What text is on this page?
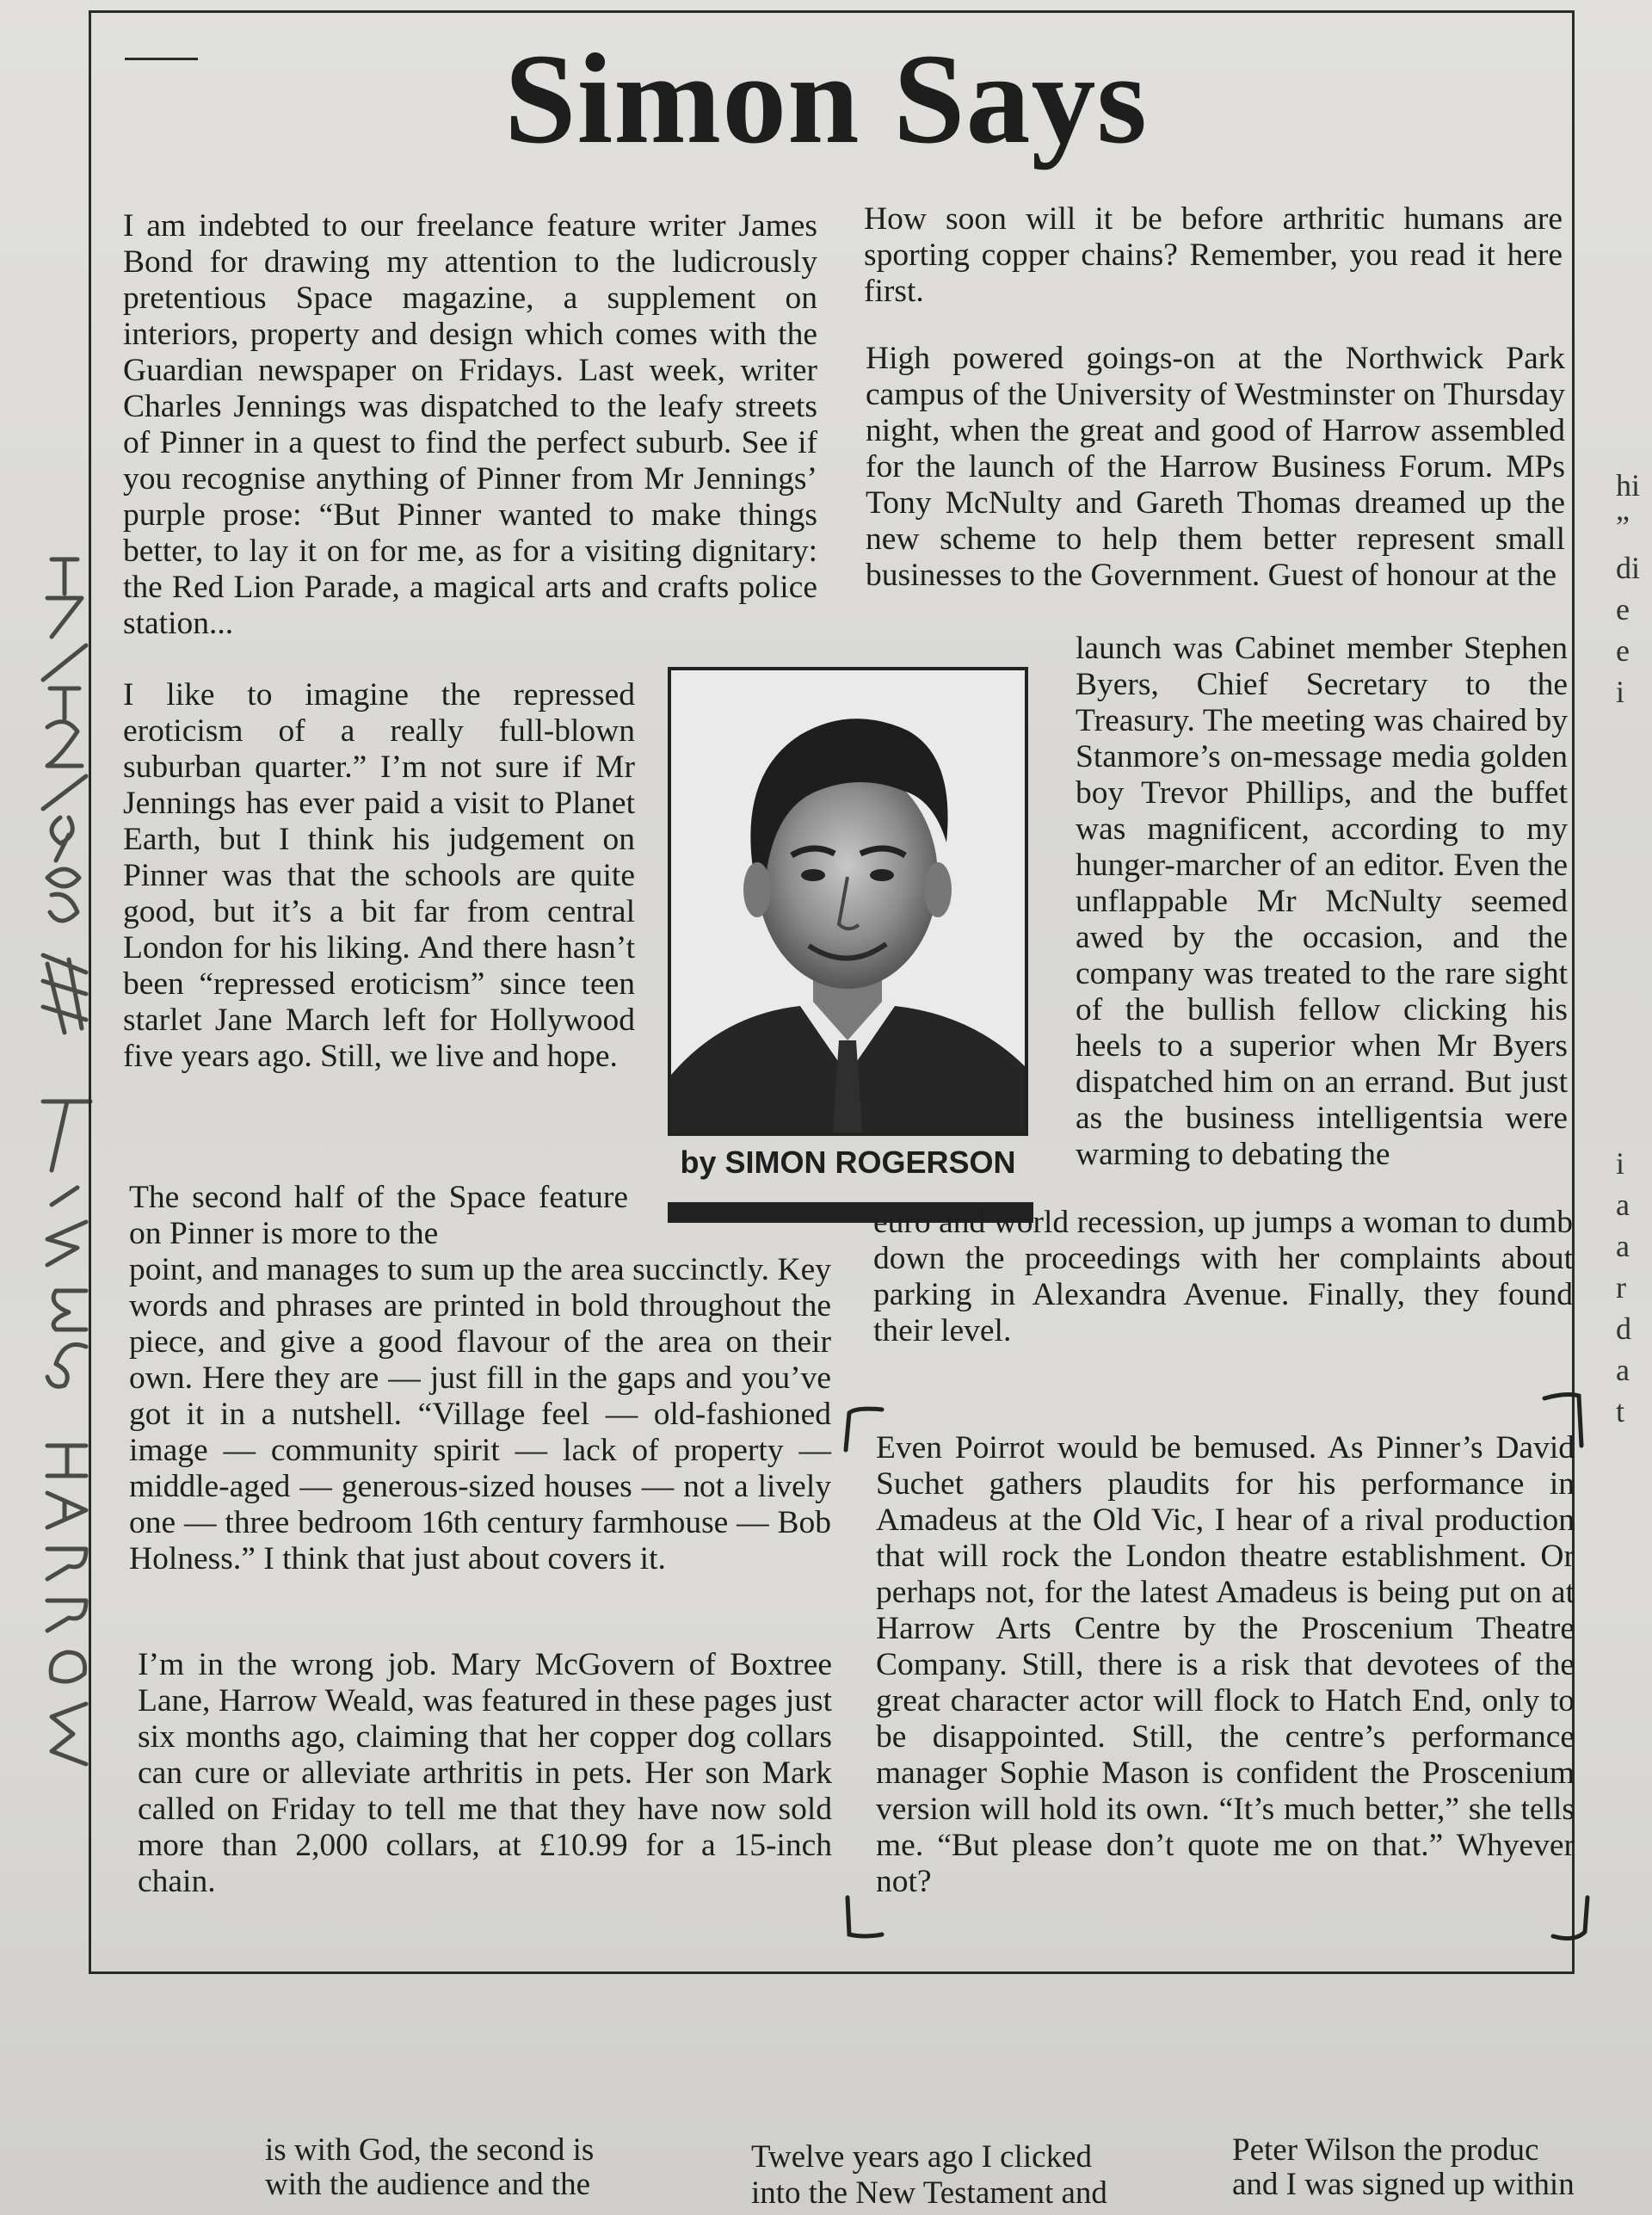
Simon Says

I am indebted to our freelance feature writer James Bond for drawing my attention to the ludicrously pretentious Space magazine, a supplement on interiors, property and design which comes with the Guardian newspaper on Fridays. Last week, writer Charles Jennings was dispatched to the leafy streets of Pinner in a quest to find the perfect suburb. See if you recognise anything of Pinner from Mr Jennings’ purple prose: “But Pinner wanted to make things better, to lay it on for me, as for a visiting dignitary: the Red Lion Parade, a magical arts and crafts police station...

I like to imagine the repressed eroticism of a really full-blown suburban quarter.” I’m not sure if Mr Jennings has ever paid a visit to Planet Earth, but I think his judgement on Pinner was that the schools are quite good, but it’s a bit far from central London for his liking. And there hasn’t been “repressed eroticism” since teen starlet Jane March left for Hollywood five years ago. Still, we live and hope.

The second half of the Space feature on Pinner is more to the

point, and manages to sum up the area succinctly. Key words and phrases are printed in bold throughout the piece, and give a good flavour of the area on their own. Here they are — just fill in the gaps and you’ve got it in a nutshell. “Village feel — old-fashioned image — community spirit — lack of property — middle-aged — generous-sized houses — not a lively one — three bedroom 16th century farmhouse — Bob Holness.” I think that just about covers it.

I’m in the wrong job. Mary McGovern of Boxtree Lane, Harrow Weald, was featured in these pages just six months ago, claiming that her copper dog collars can cure or alleviate arthritis in pets. Her son Mark called on Friday to tell me that they have now sold more than 2,000 collars, at £10.99 for a 15-inch chain.

by SIMON ROGERSON

How soon will it be before arthritic humans are sporting copper chains? Remember, you read it here first.

High powered goings-on at the Northwick Park campus of the University of Westminster on Thursday night, when the great and good of Harrow assembled for the launch of the Harrow Business Forum. MPs Tony McNulty and Gareth Thomas dreamed up the new scheme to help them better represent small businesses to the Government. Guest of honour at the

launch was Cabinet member Stephen Byers, Chief Secretary to the Treasury. The meeting was chaired by Stanmore’s on-message media golden boy Trevor Phillips, and the buffet was magnificent, according to my hunger-marcher of an editor. Even the unflappable Mr McNulty seemed awed by the occasion, and the company was treated to the rare sight of the bullish fellow clicking his heels to a superior when Mr Byers dispatched him on an errand. But just as the business intelligentsia were warming to debating the

euro and world recession, up jumps a woman to dumb down the proceedings with her complaints about parking in Alexandra Avenue. Finally, they found their level.

Even Poirrot would be bemused. As Pinner’s David Suchet gathers plaudits for his performance in Amadeus at the Old Vic, I hear of a rival production that will rock the London theatre establishment. Or perhaps not, for the latest Amadeus is being put on at Harrow Arts Centre by the Proscenium Theatre Company. Still, there is a risk that devotees of the great character actor will flock to Hatch End, only to be disappointed. Still, the centre’s performance manager Sophie Mason is confident the Proscenium version will hold its own. “It’s much better,” she tells me. “But please don’t quote me on that.” Whyever not?

is with God, the second is
with the audience and the
Twelve years ago I clicked
into the New Testament and
Peter Wilson the produc
and I was signed up within
hi
”
di
e
e
i
i
a
a
r
d
a
t
